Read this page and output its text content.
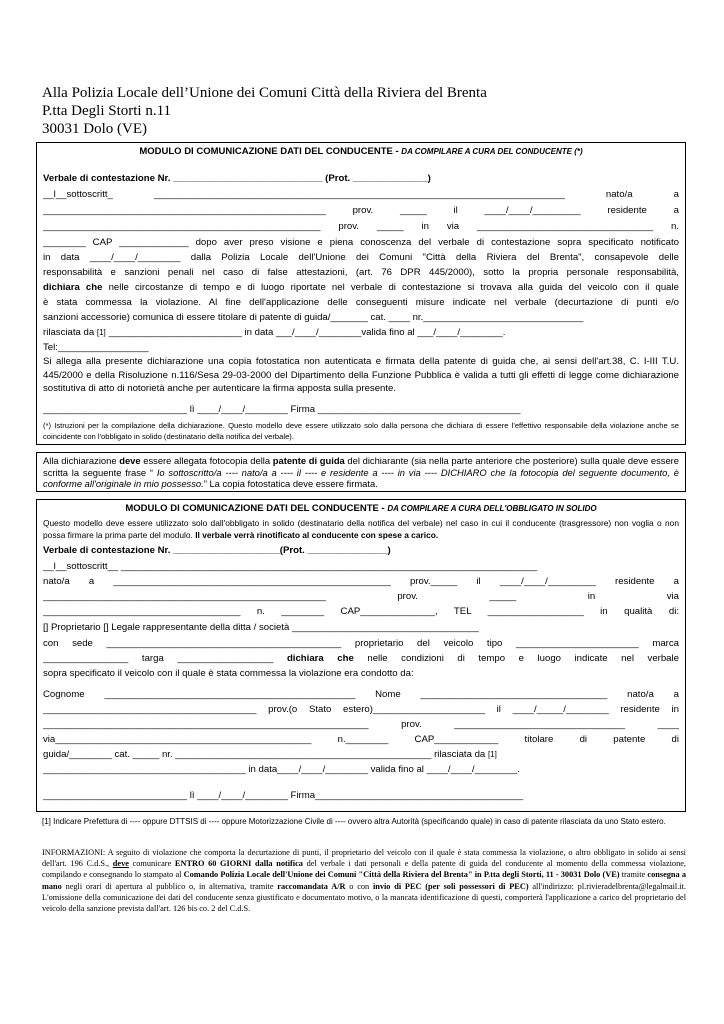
Alla Polizia Locale dell’Unione dei Comuni Città della Riviera del Brenta
P.tta Degli Storti n.11
30031 Dolo (VE)
MODULO DI COMUNICAZIONE DATI DEL CONDUCENTE - DA COMPILARE A CURA DEL CONDUCENTE (*)
Verbale di contestazione Nr. ____________________________ (Prot. ______________)
__l__sottoscritt_ _____________________________________________________________________________ nato/a a
_____________________________________________________ prov. _____ il ____/____/_________ residente a
____________________________________________________ prov. _____ in via _________________________________ n.
________ CAP _____________ dopo aver preso visione e piena conoscenza del verbale di contestazione sopra specificato notificato
in data ____/____/________ dalla Polizia Locale dell'Unione dei Comuni "Città della Riviera del Brenta", consapevole delle
responsabilità e sanzioni penali nel caso di false attestazioni, (art. 76 DPR 445/2000), sotto la propria personale responsabilità,
dichiara che nelle circostanze di tempo e di luogo riportate nel verbale di contestazione si trovava alla guida del veicolo con il quale
è stata commessa la violazione. Al fine dell'applicazione delle conseguenti misure indicate nel verbale (decurtazione di punti e/o
sanzioni accessorie) comunica di essere titolare di patente di guida/_______ cat. ____ nr.______________________________
rilasciata da [1] _________________________ in data ___/____/________valida fino al ___/____/________.
Tel:_________________
Si allega alla presente dichiarazione una copia fotostatica non autenticata e firmata della patente di guida che, ai sensi dell'art.38, C. I-III T.U. 445/2000 e della Risoluzione n.116/Sesa 29-03-2000 del Dipartimento della Funzione Pubblica è valida a tutti gli effetti di legge come dichiarazione sostitutiva di atto di notorietà anche per autenticare la firma apposta sulla presente.
___________________________ lì ____/____/________ Firma ______________________________________
(*) Istruzioni per la compilazione della dichiarazione. Questo modello deve essere utilizzato solo dalla persona che dichiara di essere l'effettivo responsabile della violazione anche se coincidente con l'obbligato in solido (destinatario della notifica del verbale).
Alla dichiarazione deve essere allegata fotocopia della patente di guida del dichiarante (sia nella parte anteriore che posteriore) sulla quale deve essere scritta la seguente frase “ Io sottoscritto/a ---- nato/a a ---- il ---- e residente a ---- in via ---- DICHIARO che la fotocopia del seguente documento, è conforme all'originale in mio possesso.” La copia fotostatica deve essere firmata.
MODULO DI COMUNICAZIONE DATI DEL CONDUCENTE - DA COMPILARE A CURA DELL'OBBLIGATO IN SOLIDO
Questo modello deve essere utilizzato solo dall'obbligato in solido (destinatario della notifica del verbale) nel caso in cui il conducente (trasgressore) non voglia o non possa firmare la prima parte del modulo. Il verbale verrà rinotificato al conducente con spese a carico.
Verbale di contestazione Nr. ____________________(Prot. _______________)
__l__sottoscritt__ ______________________________________________________________________________
nato/a a ____________________________________________________ prov._____ il ____/____/_________ residente a
_____________________________________________________ prov. _____ in via
_____________________________________ n. ________ CAP______________, TEL __________________ in qualità di:
[] Proprietario [] Legale rappresentante della ditta / società ___________________________________
con sede ____________________________________________ proprietario del veicolo tipo _______________________ marca
________________ targa __________________ dichiara che nelle condizioni di tempo e luogo indicate nel verbale
sopra specificato il veicolo con il quale è stata commessa la violazione era condotto da:
Cognome _______________________________________________ Nome ___________________________________ nato/a a
________________________________________ prov.(o Stato estero)_____________________ il ____/_____/________ residente in
_____________________________________________________________ prov. ________________________________ ____
via________________________________________________ n.________ CAP____________ titolare di patente di
guida/________ cat. _____ nr. ________________________________________________ rilasciata da [1]
______________________________________ in data____/____/________ valida fino al ____/____/________.
___________________________ lì ____/____/________ Firma_______________________________________
[1] Indicare Prefettura di ---- oppure DTTSIS di ---- oppure Motorizzazione Civile di ---- ovvero altra Autorità (specificando quale) in caso di patente rilasciata da uno Stato estero.
INFORMAZIONI: A seguito di violazione che comporta la decurtazione di punti, il proprietario del veicolo con il quale è stata commessa la violazione, o altro obbligato in solido ai sensi dell'art. 196 C.d.S., deve comunicare ENTRO 60 GIORNI dalla notifica del verbale i dati personali e della patente di guida del conducente al momento della commessa violazione, compilando e consegnando lo stampato al Comando Polizia Locale dell'Unione dei Comuni "Città della Riviera del Brenta" in P.tta degli Storti, 11 - 30031 Dolo (VE) tramite consegna a mano negli orari di apertura al pubblico o, in alternativa, tramite raccomandata A/R o con invio di PEC (per soli possessori di PEC) all'indirizzo: pl.rivieradelbrenta@legalmail.it. L'omissione della comunicazione dei dati del conducente senza giustificato e documentato motivo, o la mancata identificazione di questi, comporterà l'applicazione a carico del proprietario del veicolo della sanzione prevista dall'art. 126 bis co. 2 del C.d.S.
